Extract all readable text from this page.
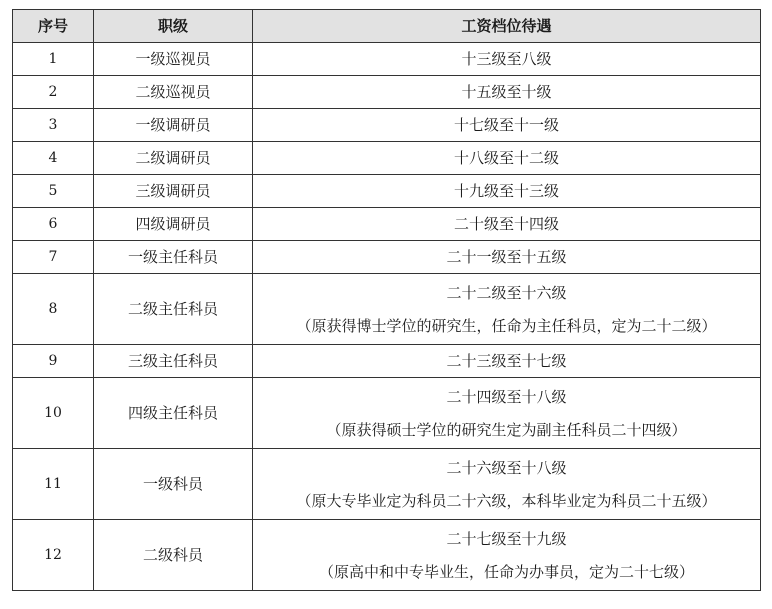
序号	职级	工资档位待遇
1	一级巡视员	十三级至八级
2	二级巡视员	十五级至十级
3	一级调研员	十七级至十一级
4	二级调研员	十八级至十二级
5	三级调研员	十九级至十三级
6	四级调研员	二十级至十四级
7	一级主任科员	二十一级至十五级
8	二级主任科员	二十二级至十六级
（原获得博士学位的研究生，任命为主任科员，定为二十二级）

9	三级主任科员	二十三级至十七级
10	四级主任科员	二十四级至十八级
（原获得硕士学位的研究生定为副主任科员二十四级）

11	一级科员	二十六级至十八级
（原大专毕业定为科员二十六级，本科毕业定为科员二十五级）

12	二级科员	二十七级至十九级
（原高中和中专毕业生，任命为办事员，定为二十七级）
